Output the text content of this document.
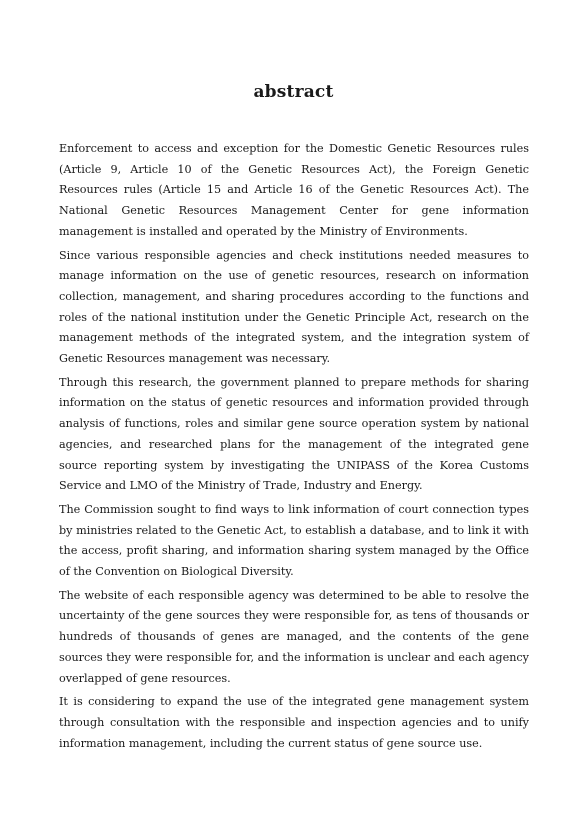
abstract

Enforcement to access and exception for the Domestic Genetic Resources rules (Article 9, Article 10 of the Genetic Resources Act), the Foreign Genetic Resources rules (Article 15 and Article 16 of the Genetic Resources Act). The National Genetic Resources Management Center for gene information management is installed and operated by the Ministry of Environments.

Since various responsible agencies and check institutions needed measures to manage information on the use of genetic resources, research on information collection, management, and sharing procedures according to the functions and roles of the national institution under the Genetic Principle Act, research on the management methods of the integrated system, and the integration system of Genetic Resources management was necessary.

Through this research, the government planned to prepare methods for sharing information on the status of genetic resources and information provided through analysis of functions, roles and similar gene source operation system by national agencies, and researched plans for the management of the integrated gene source reporting system by investigating the UNIPASS of the Korea Customs Service and LMO of the Ministry of Trade, Industry and Energy.

The Commission sought to find ways to link information of court connection types by ministries related to the Genetic Act, to establish a database, and to link it with the access, profit sharing, and information sharing system managed by the Office of the Convention on Biological Diversity.

The website of each responsible agency was determined to be able to resolve the uncertainty of the gene sources they were responsible for, as tens of thousands or hundreds of thousands of genes are managed, and the contents of the gene sources they were responsible for, and the information is unclear and each agency overlapped of gene resources.

It is considering to expand the use of the integrated gene management system through consultation with the responsible and inspection agencies and to unify information management, including the current status of gene source use.
